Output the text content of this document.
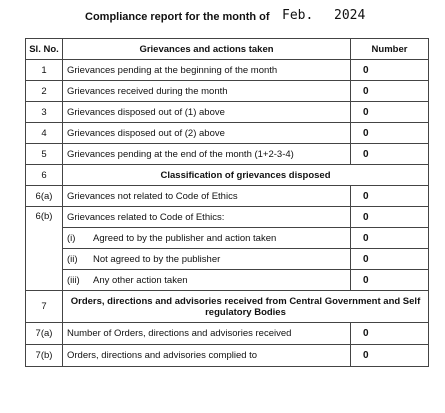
Compliance report for the month of Feb. 2024
Sl. No.	Grievances and actions taken	Number
1	Grievances pending at the beginning of the month	0
2	Grievances received during the month	0
3	Grievances disposed out of (1) above	0
4	Grievances disposed out of (2) above	0
5	Grievances pending at the end of the month (1+2-3-4)	0
6	Classification of grievances disposed	
6(a)	Grievances not related to Code of Ethics	0
6(b)	Grievances related to Code of Ethics:	0
	(i) Agreed to by the publisher and action taken	0
	(ii) Not agreed to by the publisher	0
	(iii) Any other action taken	0
7	Orders, directions and advisories received from Central Government and Self regulatory Bodies	
7(a)	Number of Orders, directions and advisories received	0
7(b)	Orders, directions and advisories complied to	0
